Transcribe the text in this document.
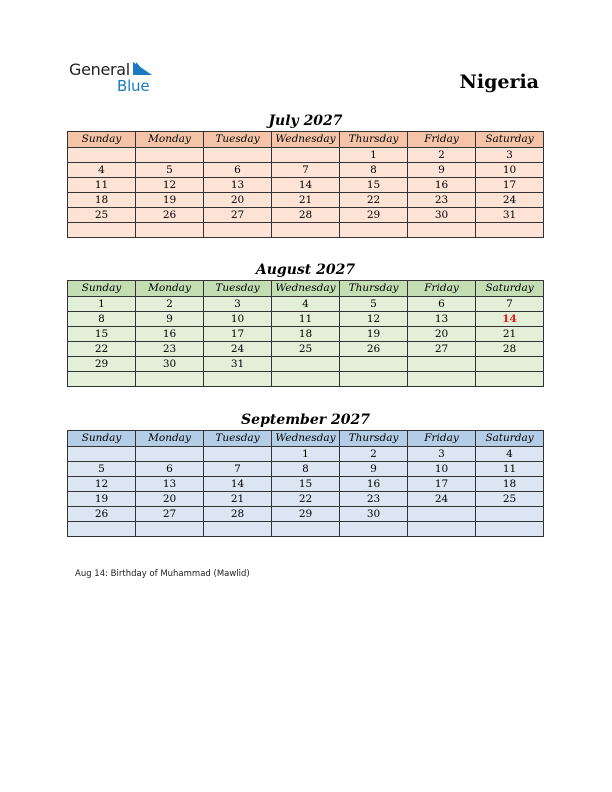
General
Blue	Nigeria
July 2027
Sunday	Monday	Tuesday	Wednesday	Thursday	Friday	Saturday
				1	2	3
4	5	6	7	8	9	10
11	12	13	14	15	16	17
18	19	20	21	22	23	24
25	26	27	28	29	30	31

August 2027
Sunday	Monday	Tuesday	Wednesday	Thursday	Friday	Saturday
1	2	3	4	5	6	7
8	9	10	11	12	13	14
15	16	17	18	19	20	21
22	23	24	25	26	27	28
29	30	31				

September 2027
Sunday	Monday	Tuesday	Wednesday	Thursday	Friday	Saturday
			1	2	3	4
5	6	7	8	9	10	11
12	13	14	15	16	17	18
19	20	21	22	23	24	25
26	27	28	29	30		

Aug 14: Birthday of Muhammad (Mawlid)
